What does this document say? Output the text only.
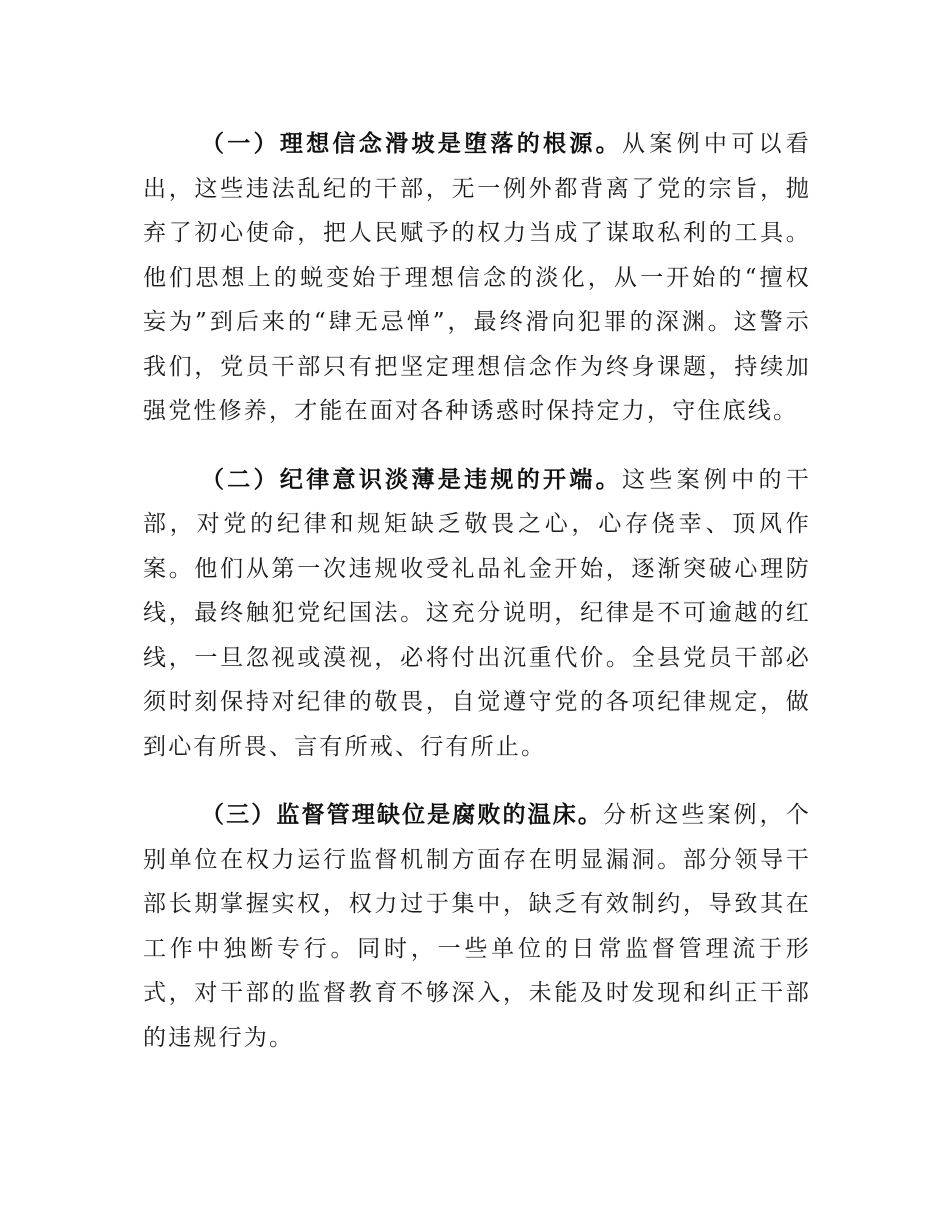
（一）理想信念滑坡是堕落的根源。从案例中可以看出，这些违法乱纪的干部，无一例外都背离了党的宗旨，抛弃了初心使命，把人民赋予的权力当成了谋取私利的工具。他们思想上的蜕变始于理想信念的淡化，从一开始的“擅权妄为”到后来的“肆无忌惮”，最终滑向犯罪的深渊。这警示我们，党员干部只有把坚定理想信念作为终身课题，持续加强党性修养，才能在面对各种诱惑时保持定力，守住底线。

（二）纪律意识淡薄是违规的开端。这些案例中的干部，对党的纪律和规矩缺乏敬畏之心，心存侥幸、顶风作案。他们从第一次违规收受礼品礼金开始，逐渐突破心理防线，最终触犯党纪国法。这充分说明，纪律是不可逾越的红线，一旦忽视或漠视，必将付出沉重代价。全县党员干部必须时刻保持对纪律的敬畏，自觉遵守党的各项纪律规定，做到心有所畏、言有所戒、行有所止。

（三）监督管理缺位是腐败的温床。分析这些案例，个别单位在权力运行监督机制方面存在明显漏洞。部分领导干部长期掌握实权，权力过于集中，缺乏有效制约，导致其在工作中独断专行。同时，一些单位的日常监督管理流于形式，对干部的监督教育不够深入，未能及时发现和纠正干部的违规行为。
